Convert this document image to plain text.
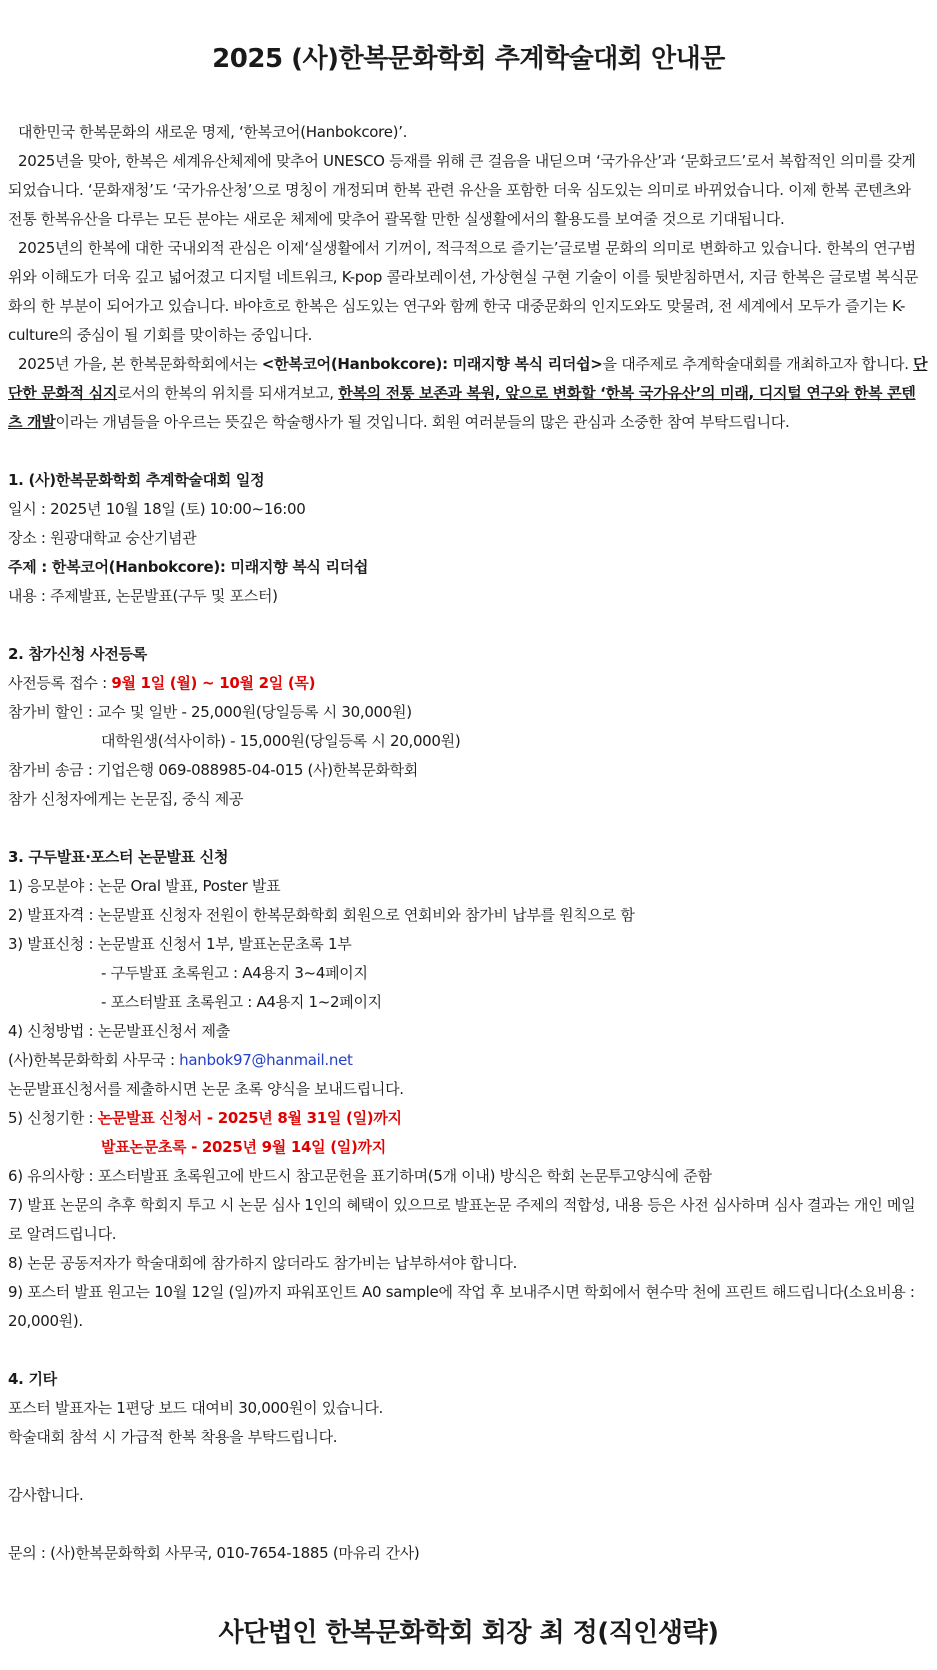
2025 (사)한복문화학회 추계학술대회 안내문

대한민국 한복문화의 새로운 명제, ‘한복코어(Hanbokcore)’.

2025년을 맞아, 한복은 세계유산체제에 맞추어 UNESCO 등재를 위해 큰 걸음을 내딛으며 ‘국가유산’과 ‘문화코드’로서 복합적인 의미를 갖게 되었습니다. ‘문화재청’도 ‘국가유산청’으로 명칭이 개정되며 한복 관련 유산을 포함한 더욱 심도있는 의미로 바뀌었습니다. 이제 한복 콘텐츠와 전통 한복유산을 다루는 모든 분야는 새로운 체제에 맞추어 괄목할 만한 실생활에서의 활용도를 보여줄 것으로 기대됩니다.

2025년의 한복에 대한 국내외적 관심은 이제‘실생활에서 기꺼이, 적극적으로 즐기는’글로벌 문화의 의미로 변화하고 있습니다. 한복의 연구범위와 이해도가 더욱 깊고 넓어졌고 디지털 네트워크, K-pop 콜라보레이션, 가상현실 구현 기술이 이를 뒷받침하면서, 지금 한복은 글로벌 복식문화의 한 부분이 되어가고 있습니다. 바야흐로 한복은 심도있는 연구와 함께 한국 대중문화의 인지도와도 맞물려, 전 세계에서 모두가 즐기는 K-culture의 중심이 될 기회를 맞이하는 중입니다.

2025년 가을, 본 한복문화학회에서는 <한복코어(Hanbokcore): 미래지향 복식 리더쉽>을 대주제로 추계학술대회를 개최하고자 합니다. 단단한 문화적 심지로서의 한복의 위치를 되새겨보고, 한복의 전통 보존과 복원, 앞으로 변화할 ‘한복 국가유산’의 미래, 디지털 연구와 한복 콘텐츠 개발이라는 개념들을 아우르는 뜻깊은 학술행사가 될 것입니다. 회원 여러분들의 많은 관심과 소중한 참여 부탁드립니다.

1. (사)한복문화학회 추계학술대회 일정

일시 : 2025년 10월 18일 (토) 10:00∼16:00

장소 : 원광대학교 숭산기념관

주제 : 한복코어(Hanbokcore): 미래지향 복식 리더쉽

내용 : 주제발표, 논문발표(구두 및 포스터)

2. 참가신청 사전등록

사전등록 접수 : 9월 1일 (월) ~ 10월 2일 (목)

참가비 할인 : 교수 및 일반 - 25,000원(당일등록 시 30,000원)

대학원생(석사이하) - 15,000원(당일등록 시 20,000원)

참가비 송금 : 기업은행 069-088985-04-015 (사)한복문화학회

참가 신청자에게는 논문집, 중식 제공

3. 구두발표·포스터 논문발표 신청

1) 응모분야 : 논문 Oral 발표, Poster 발표

2) 발표자격 : 논문발표 신청자 전원이 한복문화학회 회원으로 연회비와 참가비 납부를 원칙으로 함

3) 발표신청 : 논문발표 신청서 1부, 발표논문초록 1부

- 구두발표 초록원고 : A4용지 3~4페이지

- 포스터발표 초록원고 : A4용지 1~2페이지

4) 신청방법 : 논문발표신청서 제출

(사)한복문화학회 사무국 : hanbok97@hanmail.net

논문발표신청서를 제출하시면 논문 초록 양식을 보내드립니다.

5) 신청기한 : 논문발표 신청서 - 2025년 8월 31일 (일)까지

발표논문초록 - 2025년 9월 14일 (일)까지

6) 유의사항 : 포스터발표 초록원고에 반드시 참고문헌을 표기하며(5개 이내) 방식은 학회 논문투고양식에 준함

7) 발표 논문의 추후 학회지 투고 시 논문 심사 1인의 혜택이 있으므로 발표논문 주제의 적합성, 내용 등은 사전 심사하며 심사 결과는 개인 메일로 알려드립니다.

8) 논문 공동저자가 학술대회에 참가하지 않더라도 참가비는 납부하셔야 합니다.

9) 포스터 발표 원고는 10월 12일 (일)까지 파워포인트 A0 sample에 작업 후 보내주시면 학회에서 현수막 천에 프린트 해드립니다(소요비용 : 20,000원).

4. 기타

포스터 발표자는 1편당 보드 대여비 30,000원이 있습니다.

학술대회 참석 시 가급적 한복 착용을 부탁드립니다.

감사합니다.

문의 : (사)한복문화학회 사무국, 010-7654-1885 (마유리 간사)

사단법인 한복문화학회 회장 최 정(직인생략)
